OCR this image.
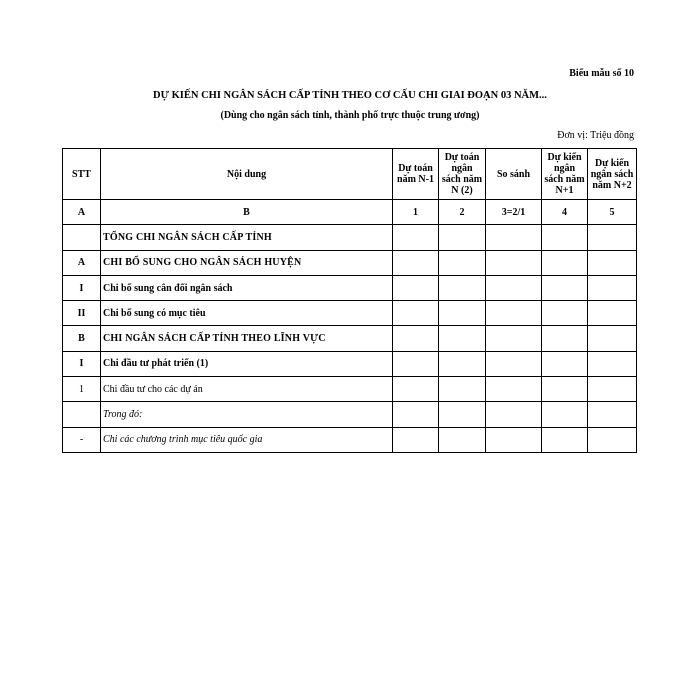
Biểu mẫu số 10
DỰ KIẾN CHI NGÂN SÁCH CẤP TỈNH THEO CƠ CẤU CHI GIAI ĐOẠN 03 NĂM...
(Dùng cho ngân sách tỉnh, thành phố trực thuộc trung ương)
Đơn vị: Triệu đồng
STT	Nội dung	Dự toán năm N-1	Dự toán ngân sách năm N (2)	So sánh	Dự kiến ngân sách năm N+1	Dự kiến ngân sách năm N+2
A	B	1	2	3=2/1	4	5
	TỔNG CHI NGÂN SÁCH CẤP TỈNH					
A	CHI BỔ SUNG CHO NGÂN SÁCH HUYỆN					
I	Chi bổ sung cân đối ngân sách					
II	Chi bổ sung có mục tiêu					
B	CHI NGÂN SÁCH CẤP TỈNH THEO LĨNH VỰC					
I	Chi đầu tư phát triển (1)					
1	Chi đầu tư cho các dự án					
	Trong đó:					
-	Chi các chương trình mục tiêu quốc gia					
